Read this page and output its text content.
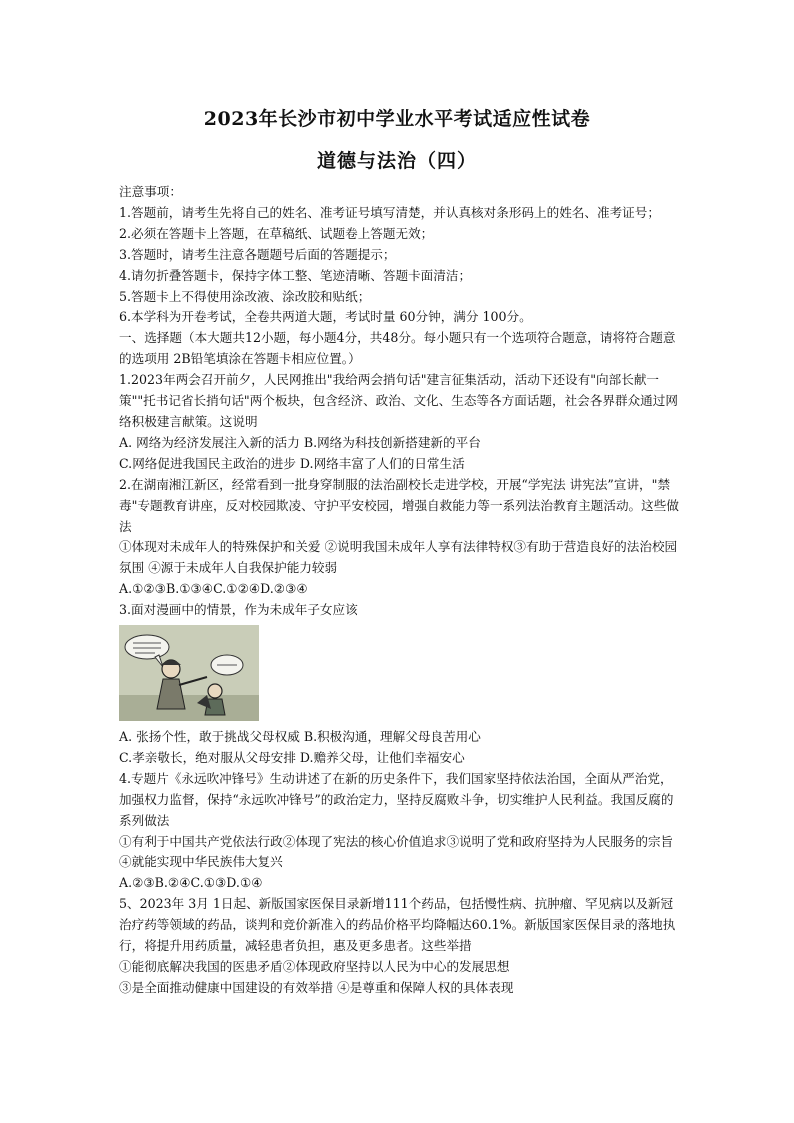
2023年长沙市初中学业水平考试适应性试卷
道德与法治（四）

注意事项：

1.答题前，请考生先将自己的姓名、准考证号填写清楚，并认真核对条形码上的姓名、准考证号；

2.必须在答题卡上答题，在草稿纸、试题卷上答题无效；

3.答题时，请考生注意各题题号后面的答题提示；

4.请勿折叠答题卡，保持字体工整、笔迹清晰、答题卡面清洁；

5.答题卡上不得使用涂改液、涂改胶和贴纸；

6.本学科为开卷考试，全卷共两道大题，考试时量 60分钟，满分 100分。

一、选择题（本大题共12小题，每小题4分，共48分。每小题只有一个选项符合题意，请将符合题意的选项用 2B铅笔填涂在答题卡相应位置。）

1.2023年两会召开前夕，人民网推出"我给两会捎句话"建言征集活动，活动下还设有"向部长献一策""托书记省长捎句话"两个板块，包含经济、政治、文化、生态等各方面话题，社会各界群众通过网络积极建言献策。这说明

A. 网络为经济发展注入新的活力 B.网络为科技创新搭建新的平台

C.网络促进我国民主政治的进步 D.网络丰富了人们的日常生活

2.在湖南湘江新区，经常看到一批身穿制服的法治副校长走进学校，开展“学宪法 讲宪法”宣讲，"禁毒"专题教育讲座，反对校园欺凌、守护平安校园，增强自救能力等一系列法治教育主题活动。这些做法

①体现对未成年人的特殊保护和关爱 ②说明我国未成年人享有法律特权③有助于营造良好的法治校园氛围 ④源于未成年人自我保护能力较弱

A.①②③B.①③④C.①②④D.②③④

3.面对漫画中的情景，作为未成年子女应该

A. 张扬个性，敢于挑战父母权威 B.积极沟通，理解父母良苦用心

C.孝亲敬长，绝对服从父母安排 D.赡养父母，让他们幸福安心

4.专题片《永远吹冲锋号》生动讲述了在新的历史条件下，我们国家坚持依法治国，全面从严治党，加强权力监督，保持“永远吹冲锋号”的政治定力，坚持反腐败斗争，切实维护人民利益。我国反腐的系列做法

①有利于中国共产党依法行政②体现了宪法的核心价值追求③说明了党和政府坚持为人民服务的宗旨④就能实现中华民族伟大复兴

A.②③B.②④C.①③D.①④

5、2023年 3月 1日起、新版国家医保目录新增111个药品，包括慢性病、抗肿瘤、罕见病以及新冠治疗药等领域的药品，谈判和竞价新准入的药品价格平均降幅达60.1%。新版国家医保目录的落地执行，将提升用药质量，减轻患者负担，惠及更多患者。这些举措

①能彻底解决我国的医患矛盾②体现政府坚持以人民为中心的发展思想

③是全面推动健康中国建设的有效举措 ④是尊重和保障人权的具体表现
